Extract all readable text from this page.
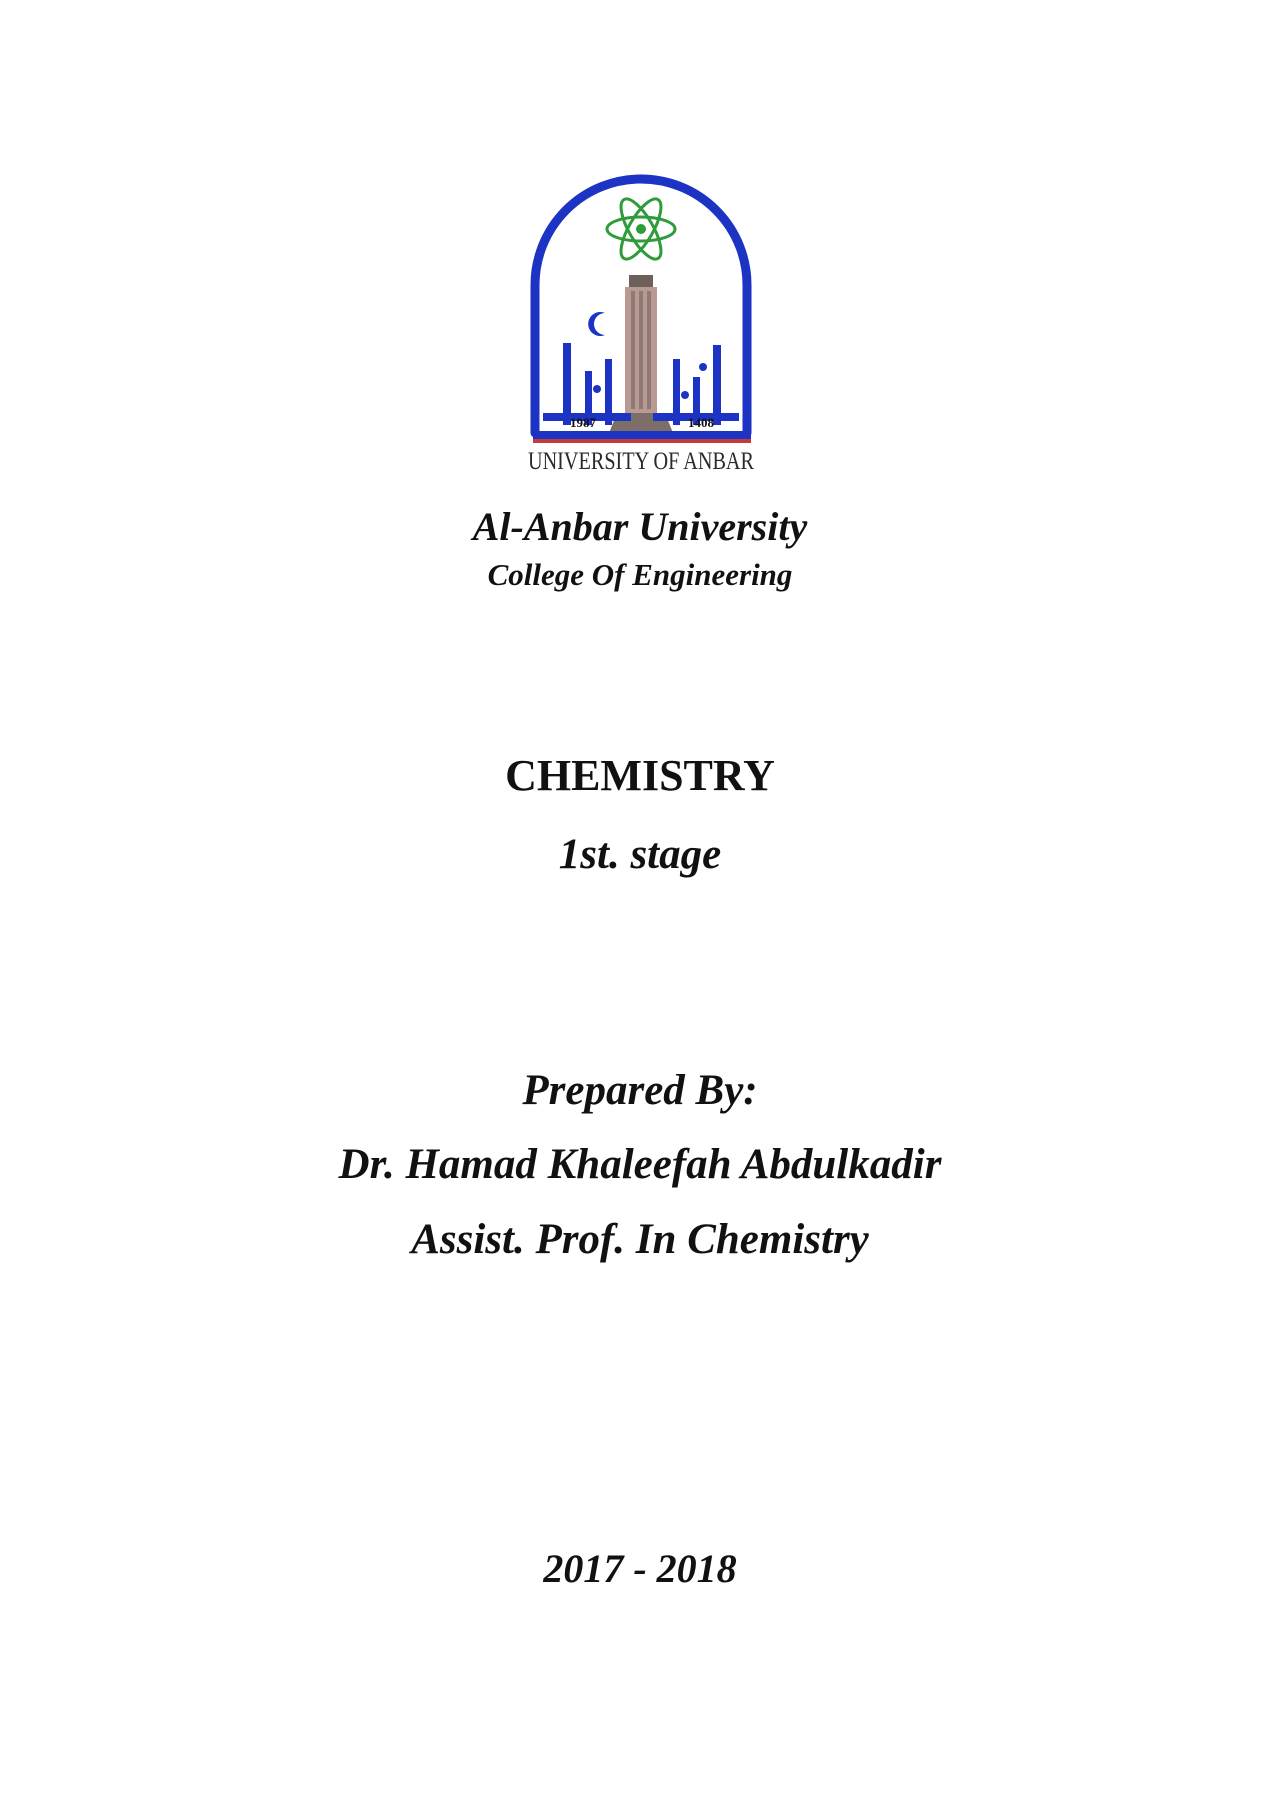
1987	1408
UNIVERSITY OF ANBAR
Al-Anbar University
College Of Engineering
CHEMISTRY
1st. stage
Prepared By:
Dr. Hamad Khaleefah Abdulkadir
Assist. Prof. In Chemistry
2017 - 2018
